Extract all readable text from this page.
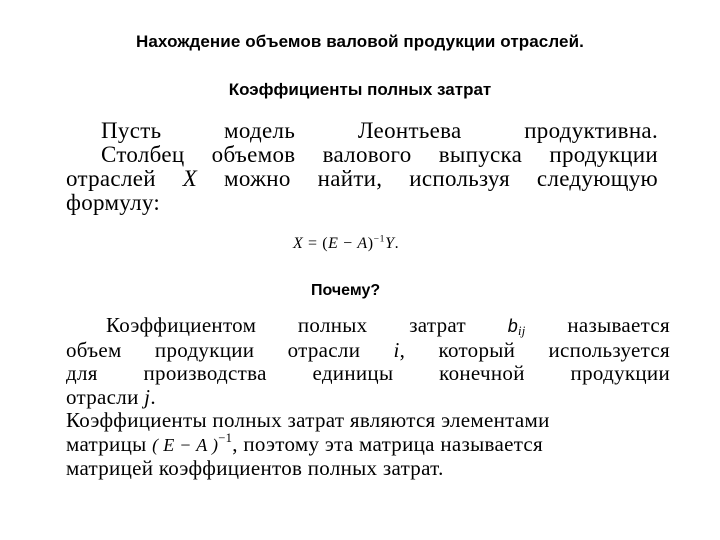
Нахождение объемов валовой продукции отраслей.
Коэффициенты полных затрат
Пусть модель Леонтьева продуктивна.
Столбец объемов валового выпуска продукции
отраслей X можно найти, используя следующую
формулу:
$X = (E - A)^{-1}Y$.
Почему?
Коэффициентом полных затрат $b_{ij}$ называется
объем продукции отрасли i, который используется
для производства единицы конечной продукции
отрасли j.
Коэффициенты полных затрат являются элементами
матрицы ( E − A )$^{-1}$, поэтому эта матрица называется
матрицей коэффициентов полных затрат.
